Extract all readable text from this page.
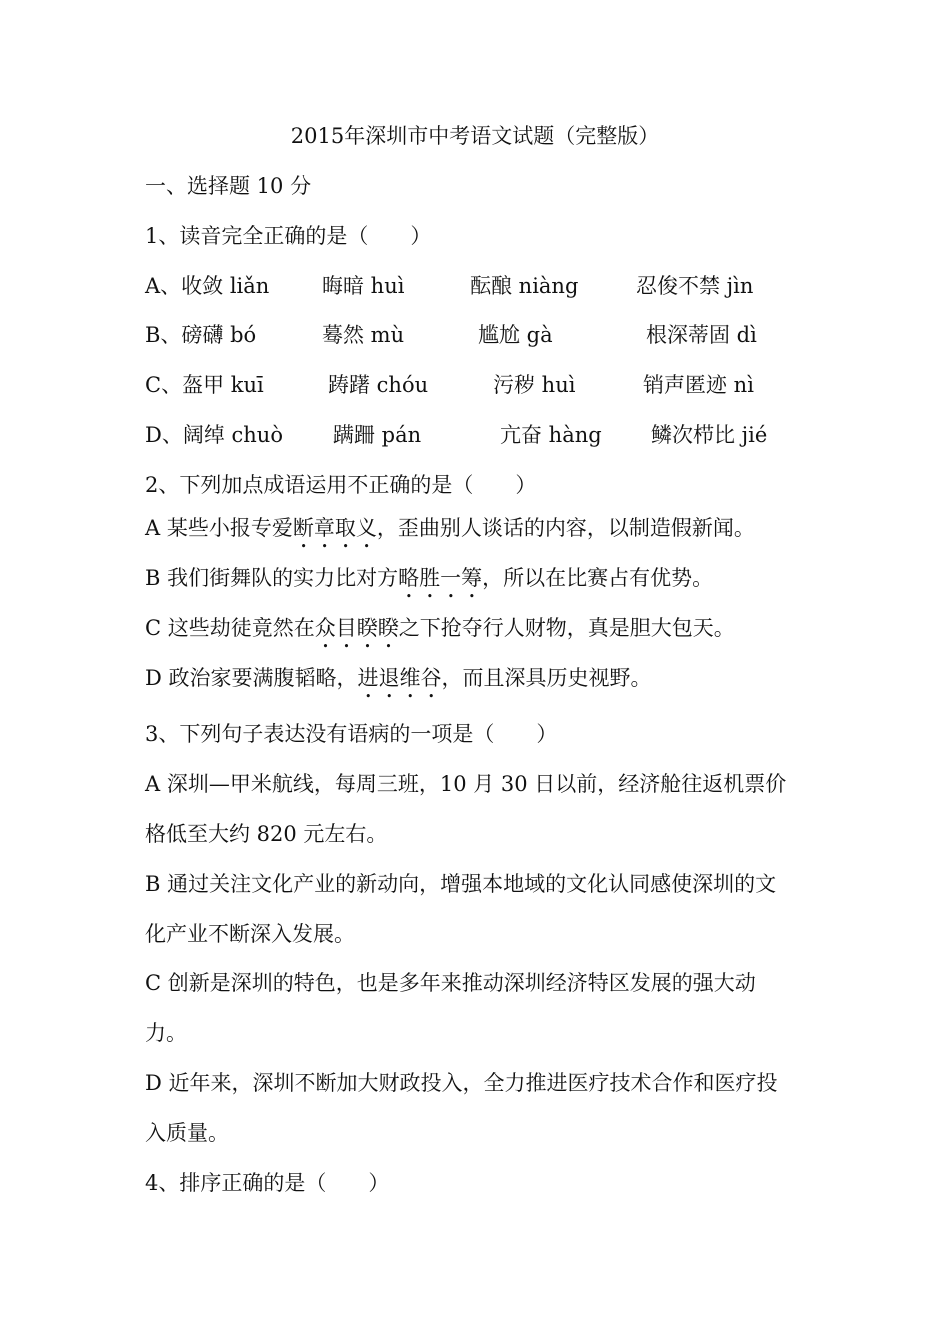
2015年深圳市中考语文试题（完整版）
一、选择题 10 分
1、读音完全正确的是（　　）
A、收敛 liǎn	晦暗 huì	酝酿 niàng	忍俊不禁 jìn
B、磅礴 bó	蓦然 mù	尴尬 gà	根深蒂固 dì
C、盔甲 kuī	踌躇 chóu	污秽 huì	销声匿迹 nì
D、阔绰 chuò 蹒跚 pán	亢奋 hàng 鳞次栉比 jié
2、下列加点成语运用不正确的是（　　）
A 某些小报专爱断章取义，歪曲别人谈话的内容，以制造假新闻。
B 我们街舞队的实力比对方略胜一筹，所以在比赛占有优势。
C 这些劫徒竟然在众目睽睽之下抢夺行人财物，真是胆大包天。
D 政治家要满腹韬略，进退维谷，而且深具历史视野。
3、下列句子表达没有语病的一项是（　　）
A 深圳—甲米航线，每周三班，10 月 30 日以前，经济舱往返机票价
格低至大约 820 元左右。
B 通过关注文化产业的新动向，增强本地域的文化认同感使深圳的文
化产业不断深入发展。
C 创新是深圳的特色，也是多年来推动深圳经济特区发展的强大动
力。
D 近年来，深圳不断加大财政投入，全力推进医疗技术合作和医疗投
入质量。
4、排序正确的是（　　）
